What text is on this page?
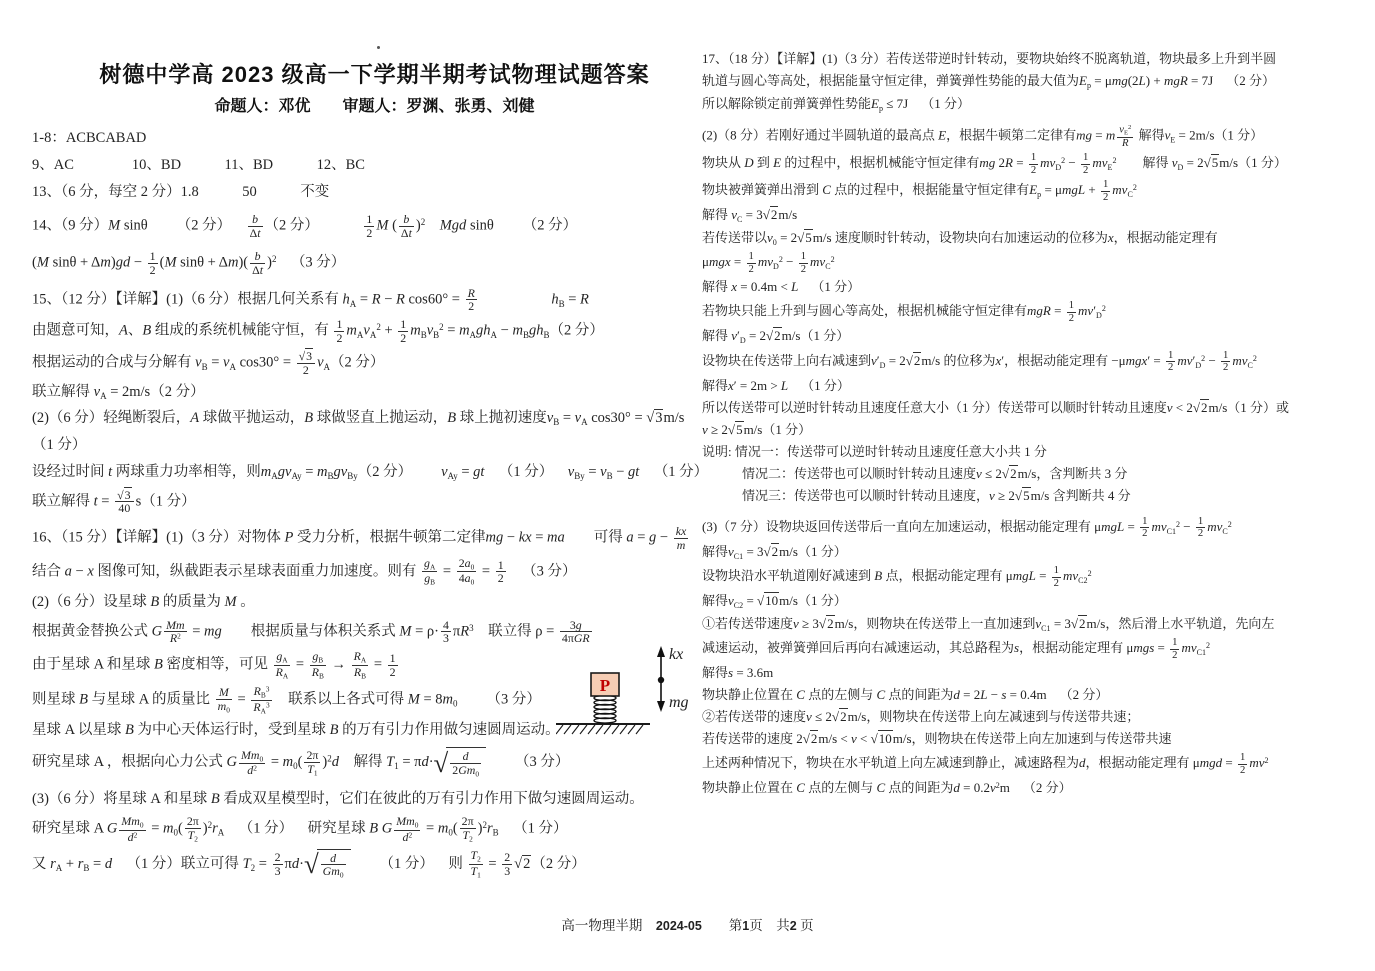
树德中学高 2023 级高一下学期半期考试物理试题答案
命题人：邓优　　审题人：罗渊、张勇、刘健
1-8：ACBCABAD
9、AC    10、BD   11、BD   12、BC
13、（6 分，每空 2 分）1.8   50   不变
14、（9 分）M sinθ  （2 分）  $\frac{b}{\Delta t} (2$ 分）    $\frac{1}{2}$ M ( $\frac{b}{\Delta t} )^2$  Mgd sinθ  （2 分）
(M $\sin\theta + \Delta m)gd - \frac{1}{2} (M$ $\sin\theta + \Delta m)( \frac{b}{\Delta t} )^2$ （3 分）
15、（12 分）【详解】(1)（6 分）根据几何关系有 $h_A = R - R$ $\cos 60^\circ = \frac{R}{2}$
     	$h_B = R$
由题意可知，A、B 组成的系统机械能守恒，有 $\frac{1}{2} m_Av_A^2 + \frac{1}{2} m_Bv_B^2 = m_Agh_A - m_Bgh_B(2$ 分）
根据运动的合成与分解有 $v_B = v_A$ $\cos 30^\circ = \frac{√3}{2} v_A(2$ 分）
联立解得 $v_A = 2m/s(2$ 分）
(2)（6 分）轻绳断裂后，A 球做平抛运动，B 球做竖直上抛运动，B 球上抛初速度$v_B = v_A$ cos30° = √3m/s
（1 分）
设经过时间 t 两球重力功率相等，则$m_Agv_{Ay} = m_Bgv_{By}(2$ 分）  $v_{Ay}$ = gt （1 分） $v_{By} = v_B$ − gt （1 分）
联立解得 $t = \frac{√3}{40} s(1$ 分）
16、（15 分）【详解】(1)（3 分）对物体 P 受力分析，根据牛顿第二定律mg − kx = ma  可得 $a = g - \frac{kx}{m}$
结合 a − x 图像可知，纵截距表示星球表面重力加速度。则有 $\frac{g_A}{g_B} = \frac{2a_0}{4a_0} = \frac{1}{2}$  （3 分）
(2)（6 分）设星球 B 的质量为 M 。
根据黄金替换公式 G $\frac{Mm}{R^2}$ = mg  根据质量与体积关系式 $M = \rho\cdot \frac{4}{3} \pi R^3$ 联立得 ρ =	3g
4πGR
由于星球 A 和星球 B 密度相等，可见 $\frac{g_A}{R_A} = \frac{g_B}{R_B} \to \frac{R_A}{R_B} = \frac{1}{2}$
则星球 B 与星球 A 的质量比 $\frac{M}{m_0} = \frac{R_B^3}{R_A^3}$  联系以上各式可得 $M = 8m_0$  （3 分）
星球 A 以星球 B 为中心天体运行时，受到星球 B 的万有引力作用做匀速圆周运动。
研究星球 A ，根据向心力公式 G $\frac{Mm_0}{d^2} = m_0( \frac{2\pi}{T_1} )^2d$ 解得 $T_1 = \pi d\cdot$ √	d
$2Gm_0$
  （3 分）
(3)（6 分）将星球 A 和星球 B 看成双星模型时，它们在彼此的万有引力作用下做匀速圆周运动。
研究星球 A G $\frac{Mm_0}{d^2} = m_0( \frac{2\pi}{T_2} )^2r_A$ （1 分） 研究星球 B G $\frac{Mm_0}{d^2} = m_0( \frac{2\pi}{T_2} )^2r_B$ （1 分）
又 $r_A + r_B = d$ （1 分）联立可得 $T_2 = \frac{2}{3} \pi d\cdot$ √ d
$Gm_0$
  （1 分） 则 $\frac{T_2}{T_1} = \frac{2}{3} √2(2$ 分）
17、（18 分）【详解】(1)（3 分）若传送带逆时针转动，要物块始终不脱离轨道，物块最多上升到半圆
轨道与圆心等高处，根据能量守恒定律，弹簧弹性势能的最大值为$E_p = \mu mg(2L)$ + mgR = 7J （2 分）
所以解除锁定前弹簧弹性势能$E_p \le 7J$ （1 分）
(2)（8 分）若刚好通过半圆轨道的最高点 E，根据牛顿第二定律有mg = m $\frac{v_E^2}{R}$ 解得$v_E = 2m/s(1$ 分）
物块从 D 到 E 的过程中，根据机械能守恒定律有mg $2R = \frac{1}{2} mv_D^2 - \frac{1}{2} mv_E^2$  解得 $v_D = 2√5m/s(1$ 分）
物块被弹簧弹出滑到 C 点的过程中，根据能量守恒定律有$E_p = \mu mgL + \frac{1}{2} mv_C^2$
解得 $v_C = 3√2m/s$
若传送带以$v_0 = 2√5m/s$ 速度顺时针转动，设物块向右加速运动的位移为x，根据动能定理有
$\mu mgx = \frac{1}{2} mv_D^2 - \frac{1}{2} mv_C^2$
解得 x = 0.4m < L （1 分）
若物块只能上升到与圆心等高处，根据机械能守恒定律有mgR = $\frac{1}{2} mv'_D^2$
解得 $v'_D = 2√2m/s(1$ 分）
设物块在传送带上向右减速到$v'_D = 2√2m/s$ 的位移为x′，根据动能定理有 $-\mu mgx' = \frac{1}{2} mv'_D^2 - \frac{1}{2} mv_C^2$
解得x′ = 2m > L （1 分）
所以传送带可以逆时针转动且速度任意大小（1 分）传送带可以顺时针转动且速度v < 2√2m/s（1 分）或
v ≥ 2√5m/s（1 分）
说明: 情况一：传送带可以逆时针转动且速度任意大小共 1 分
情况二：传送带也可以顺时针转动且速度v ≤ 2√2m/s，含判断共 3 分
情况三：传送带也可以顺时针转动且速度，v ≥ 2√5m/s 含判断共 4 分
(3)（7 分）设物块返回传送带后一直向左加速运动，根据动能定理有 $\mu mgL = \frac{1}{2} mv_{C1}^2 - \frac{1}{2} mv_C^2$
解得$v_{C1} = 3√2m/s(1$ 分）
设物块沿水平轨道刚好减速到 B 点，根据动能定理有 $\mu mgL = \frac{1}{2} mv_{C2}^2$
解得$v_{C2} = √10m/s(1$ 分）
①若传送带速度v ≥ 3√2m/s，则物块在传送带上一直加速到$v_{C1} = 3√2m/s$，然后滑上水平轨道，先向左
减速运动，被弹簧弹回后再向右减速运动，其总路程为s，根据动能定理有 $\mu mgs = \frac{1}{2} mv_{C1}^2$
解得s = 3.6m
物块静止位置在 C 点的左侧与 C 点的间距为d = 2L − s = 0.4m （2 分）
②若传送带的速度v ≤ 2√2m/s，则物块在传送带上向左减速到与传送带共速；
若传送带的速度 2√2m/s < v < √10m/s，则物块在传送带上向左加速到与传送带共速
上述两种情况下，物块在水平轨道上向左减速到静止，减速路程为d，根据动能定理有 $\mu mgd = \frac{1}{2} mv^2$
物块静止位置在 C 点的左侧与 C 点的间距为$d = 0.2v^2m$ （2 分）
P
kx
mg
高一物理半期 2024-05  第1页 共2 页
